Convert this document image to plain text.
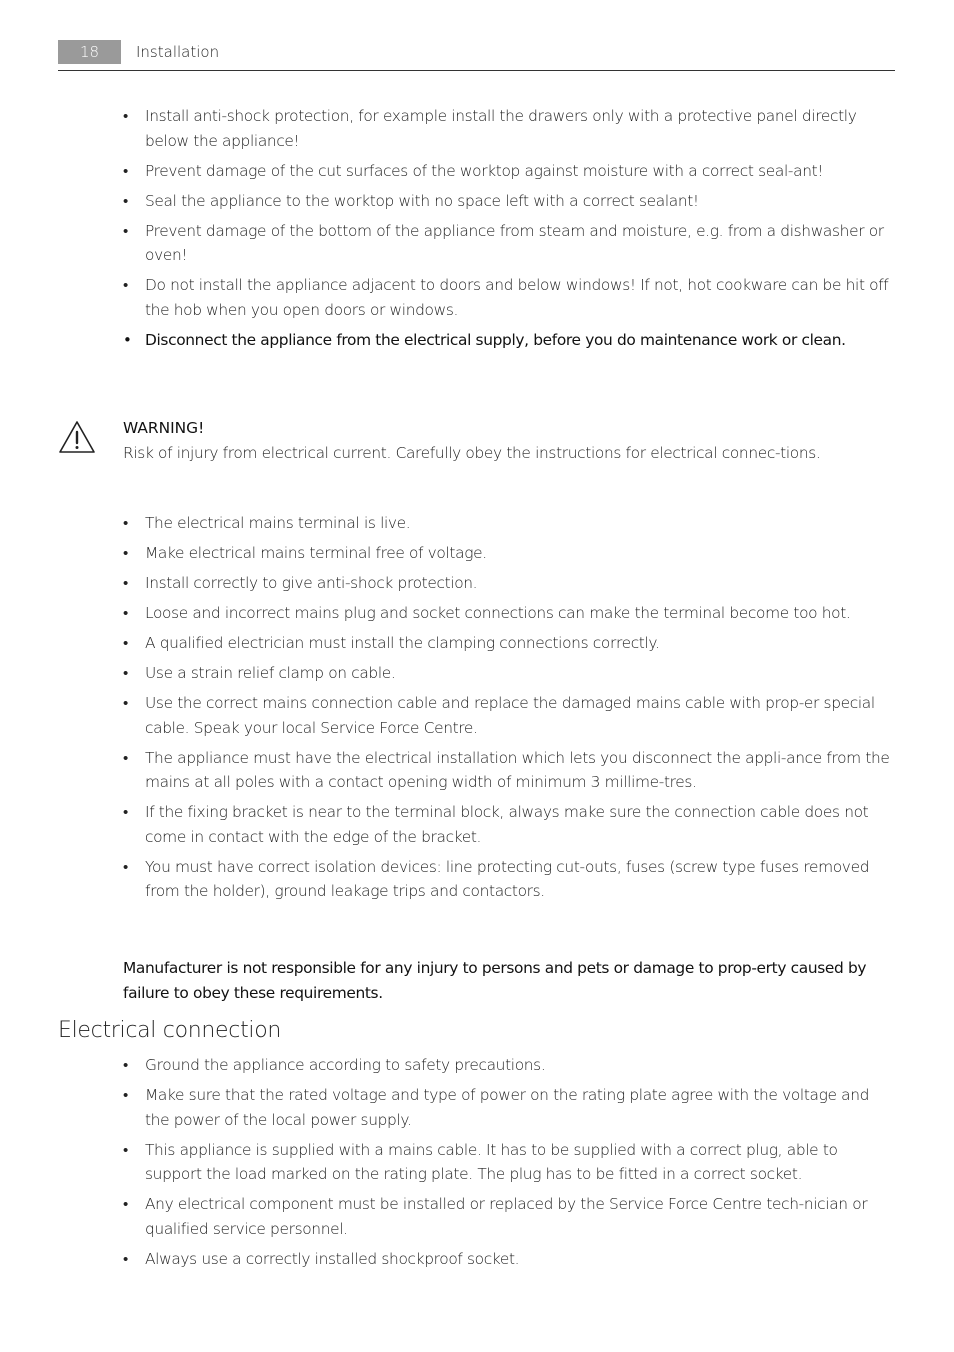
18	Installation
• Install anti-shock protection, for example install the drawers only with a protective panel directly below the appliance!
• Prevent damage of the cut surfaces of the worktop against moisture with a correct seal-ant!
• Seal the appliance to the worktop with no space left with a correct sealant!
• Prevent damage of the bottom of the appliance from steam and moisture, e.g. from a dishwasher or oven!
• Do not install the appliance adjacent to doors and below windows! If not, hot cookware can be hit off the hob when you open doors or windows.
• Disconnect the appliance from the electrical supply, before you do maintenance work or clean.
WARNING!
Risk of injury from electrical current. Carefully obey the instructions for electrical connec-tions.
• The electrical mains terminal is live.
• Make electrical mains terminal free of voltage.
• Install correctly to give anti-shock protection.
• Loose and incorrect mains plug and socket connections can make the terminal become too hot.
• A qualified electrician must install the clamping connections correctly.
• Use a strain relief clamp on cable.
• Use the correct mains connection cable and replace the damaged mains cable with prop-er special cable. Speak your local Service Force Centre.
• The appliance must have the electrical installation which lets you disconnect the appli-ance from the mains at all poles with a contact opening width of minimum 3 millime-tres.
• If the fixing bracket is near to the terminal block, always make sure the connection cable does not come in contact with the edge of the bracket.
• You must have correct isolation devices: line protecting cut-outs, fuses (screw type fuses removed from the holder), ground leakage trips and contactors.
Manufacturer is not responsible for any injury to persons and pets or damage to prop-erty caused by failure to obey these requirements.
Electrical connection
• Ground the appliance according to safety precautions.
• Make sure that the rated voltage and type of power on the rating plate agree with the voltage and the power of the local power supply.
• This appliance is supplied with a mains cable. It has to be supplied with a correct plug, able to support the load marked on the rating plate. The plug has to be fitted in a correct socket.
• Any electrical component must be installed or replaced by the Service Force Centre tech-nician or qualified service personnel.
• Always use a correctly installed shockproof socket.
